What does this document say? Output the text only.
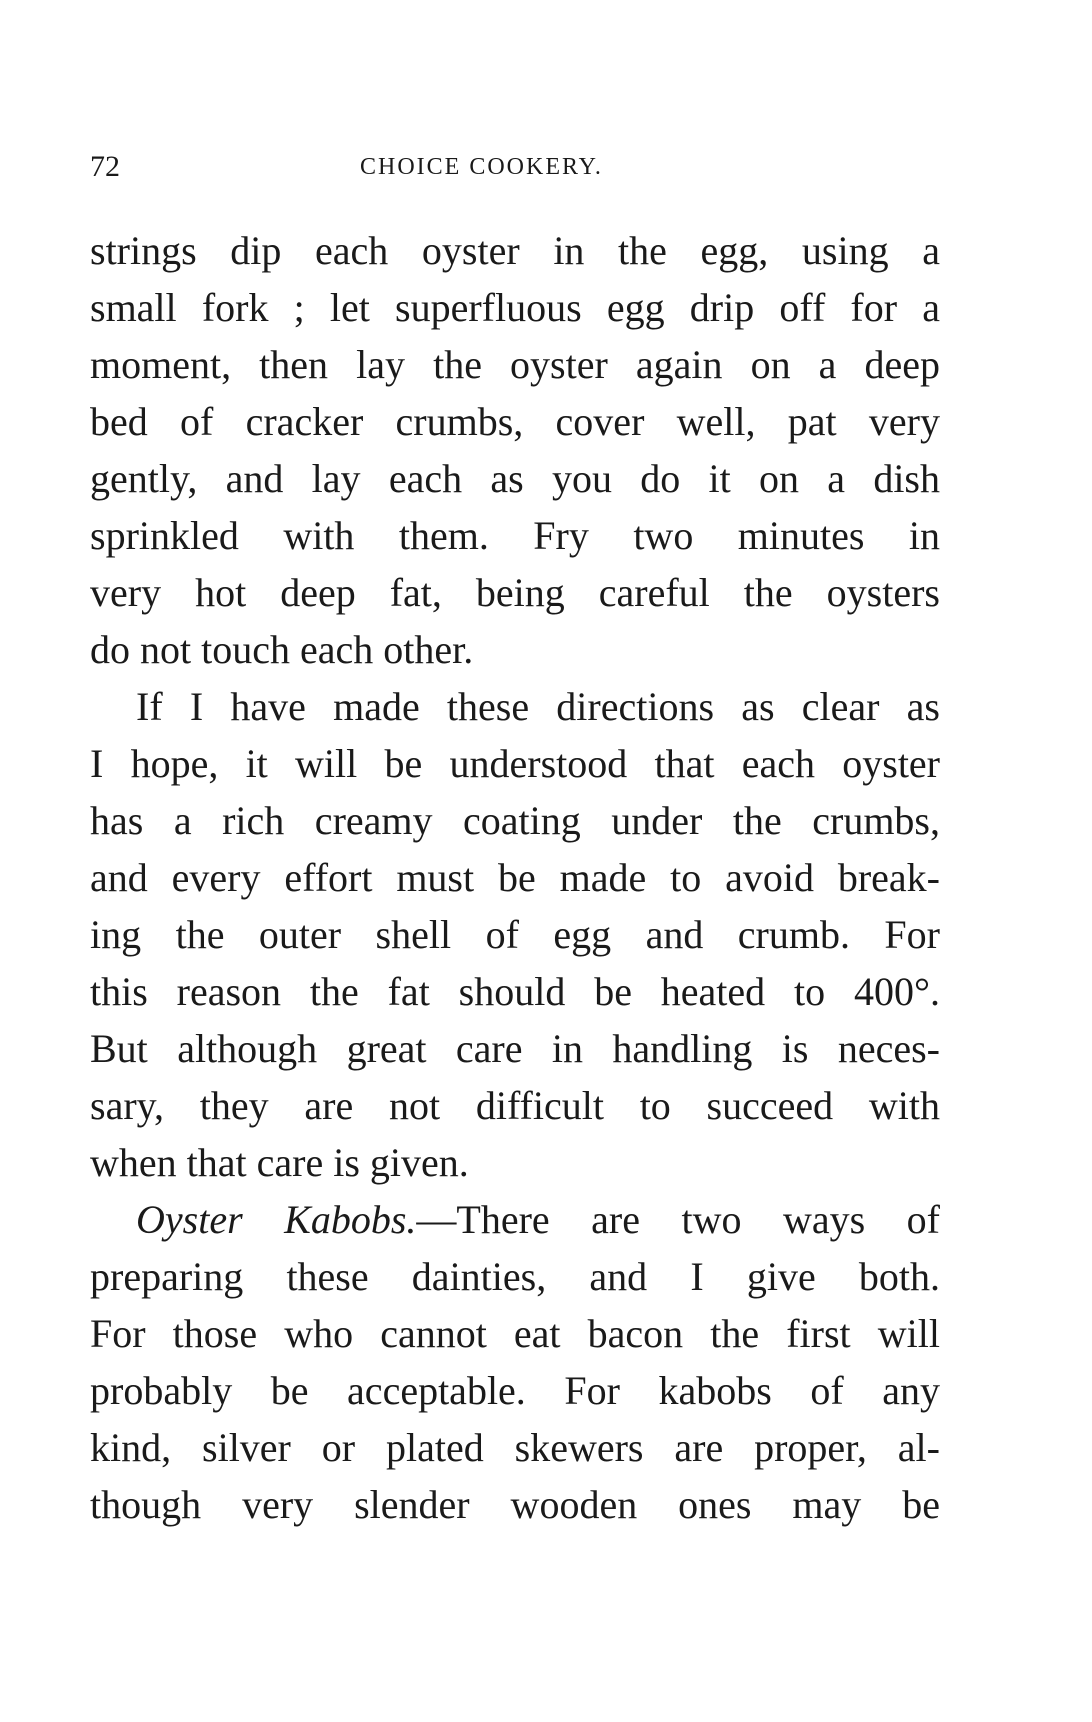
72	CHOICE COOKERY.
strings dip each oyster in the egg, using a
small fork ; let superfluous egg drip off for a
moment, then lay the oyster again on a deep
bed of cracker crumbs, cover well, pat very
gently, and lay each as you do it on a dish
sprinkled with them. Fry two minutes in
very hot deep fat, being careful the oysters
do not touch each other.
If I have made these directions as clear as
I hope, it will be understood that each oyster
has a rich creamy coating under the crumbs,
and every effort must be made to avoid break-
ing the outer shell of egg and crumb. For
this reason the fat should be heated to 400°.
But although great care in handling is neces-
sary, they are not difficult to succeed with
when that care is given.
Oyster Kabobs.—There are two ways of
preparing these dainties, and I give both.
For those who cannot eat bacon the first will
probably be acceptable. For kabobs of any
kind, silver or plated skewers are proper, al-
though very slender wooden ones may be
